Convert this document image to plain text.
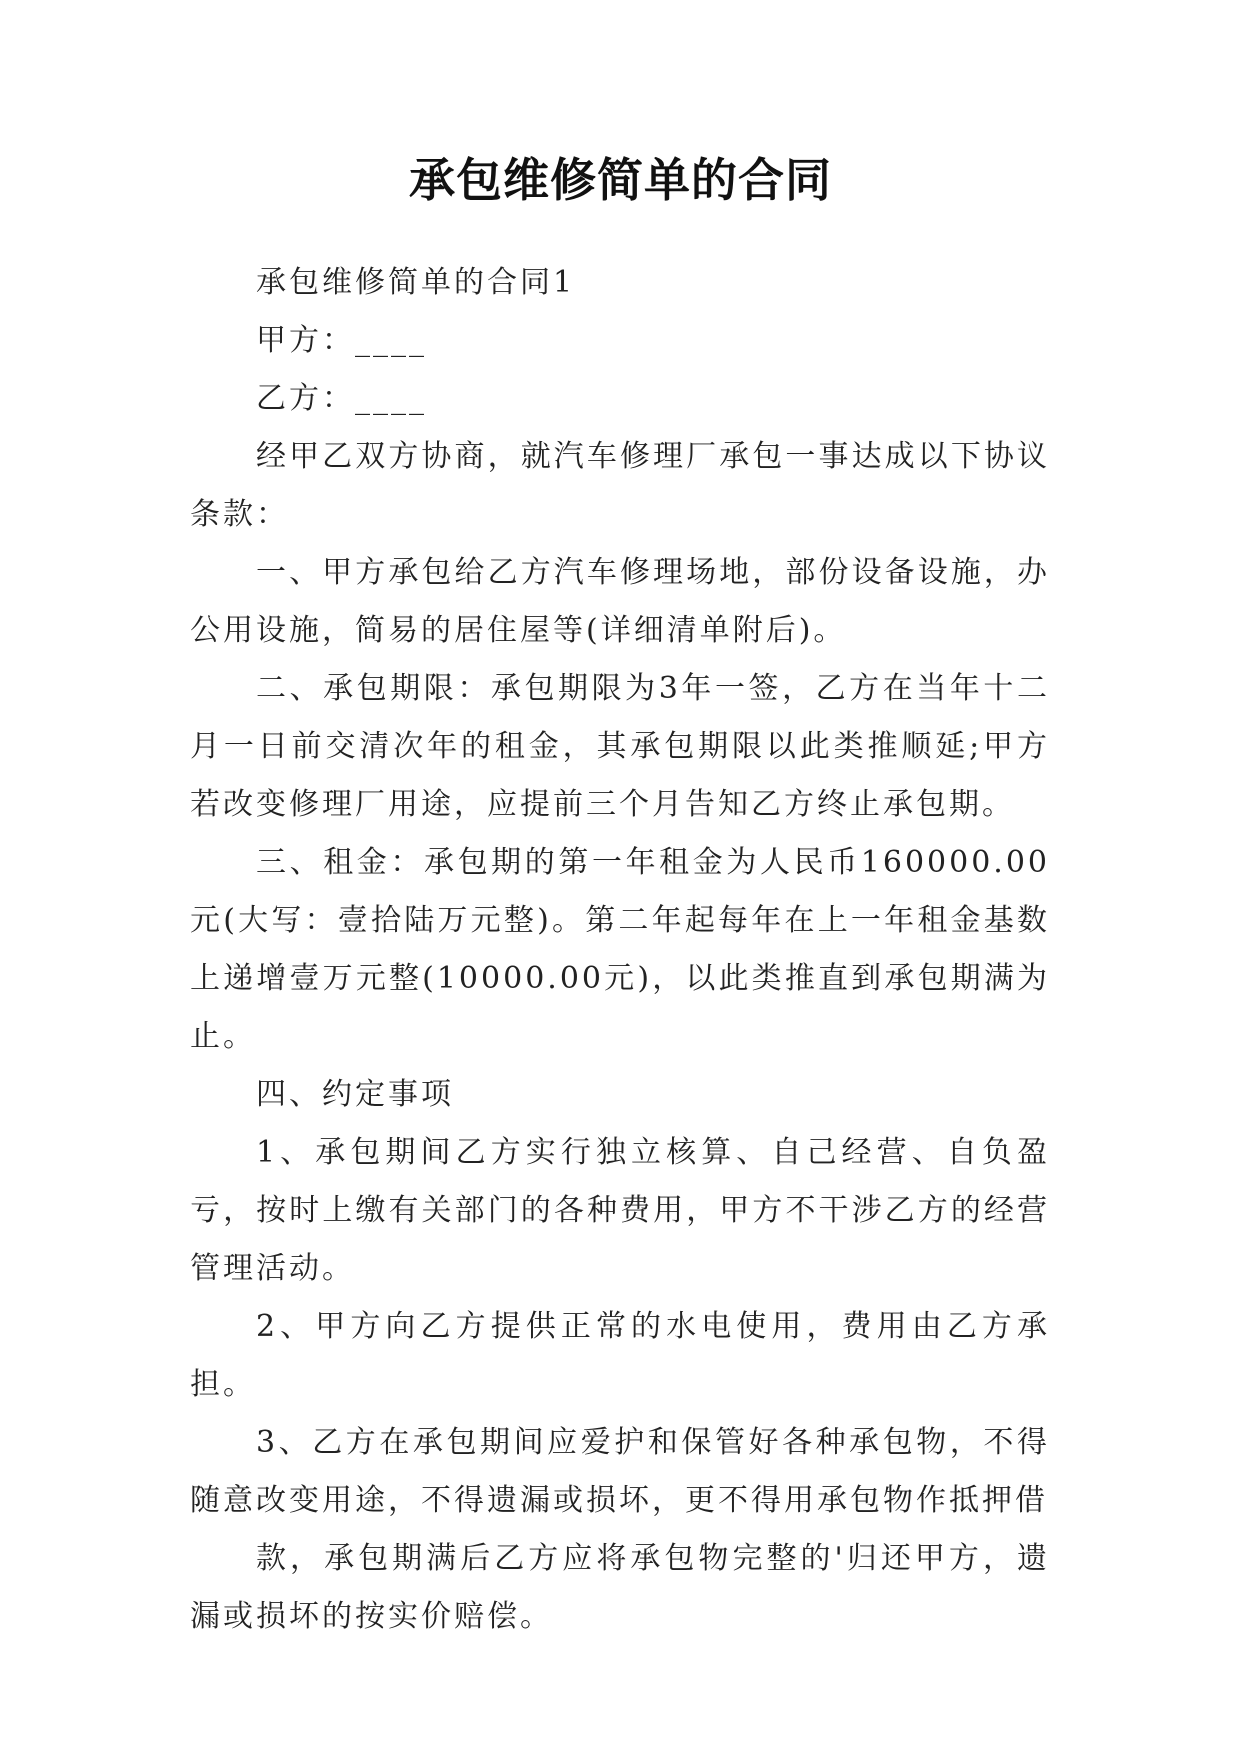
承包维修简单的合同

承包维修简单的合同1

甲方：____

乙方：____

经甲乙双方协商，就汽车修理厂承包一事达成以下协议条款：

一、甲方承包给乙方汽车修理场地，部份设备设施，办公用设施，简易的居住屋等(详细清单附后)。

二、承包期限：承包期限为3年一签，乙方在当年十二月一日前交清次年的租金，其承包期限以此类推顺延;甲方若改变修理厂用途，应提前三个月告知乙方终止承包期。

三、租金：承包期的第一年租金为人民币160000.00元(大写：壹拾陆万元整)。第二年起每年在上一年租金基数上递增壹万元整(10000.00元)，以此类推直到承包期满为止。

四、约定事项

1、承包期间乙方实行独立核算、自己经营、自负盈亏，按时上缴有关部门的各种费用，甲方不干涉乙方的经营管理活动。

2、甲方向乙方提供正常的水电使用，费用由乙方承担。

3、乙方在承包期间应爱护和保管好各种承包物，不得随意改变用途，不得遗漏或损坏，更不得用承包物作抵押借

款，承包期满后乙方应将承包物完整的'归还甲方，遗漏或损坏的按实价赔偿。
